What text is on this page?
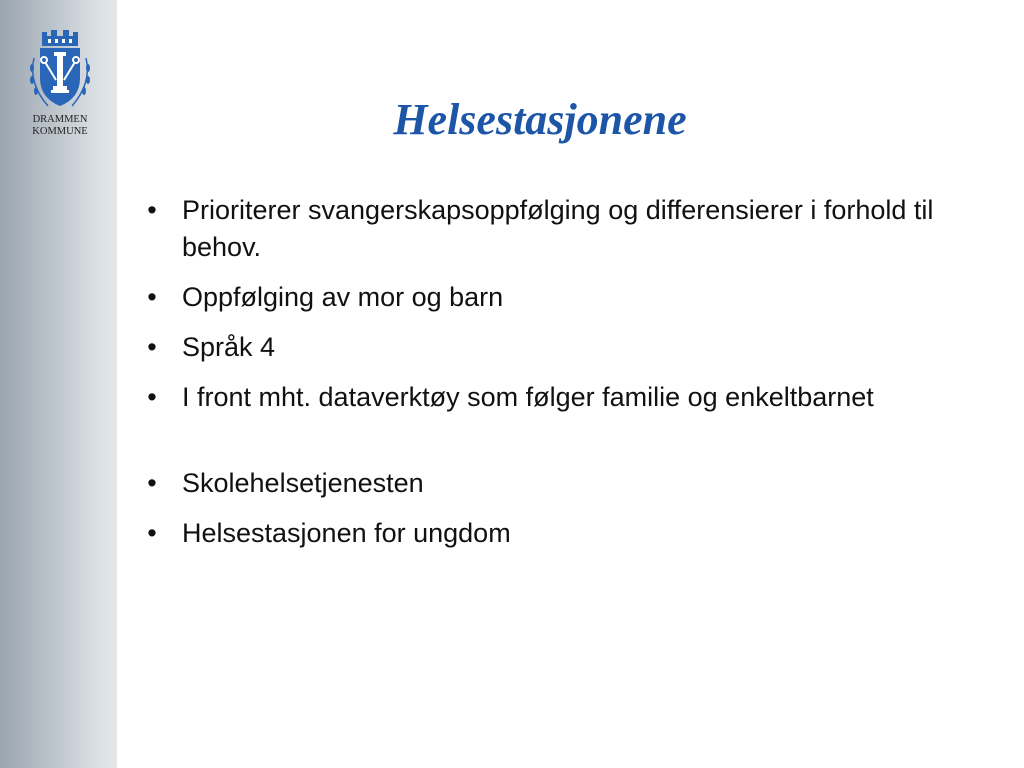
DRAMMEN
KOMMUNE	Helsestasjonene
• Prioriterer svangerskapsoppfølging og differensierer i forhold til behov.
• Oppfølging av mor og barn
• Språk 4
• I front mht. dataverktøy som følger familie og enkeltbarnet
• Skolehelsetjenesten
• Helsestasjonen for ungdom
